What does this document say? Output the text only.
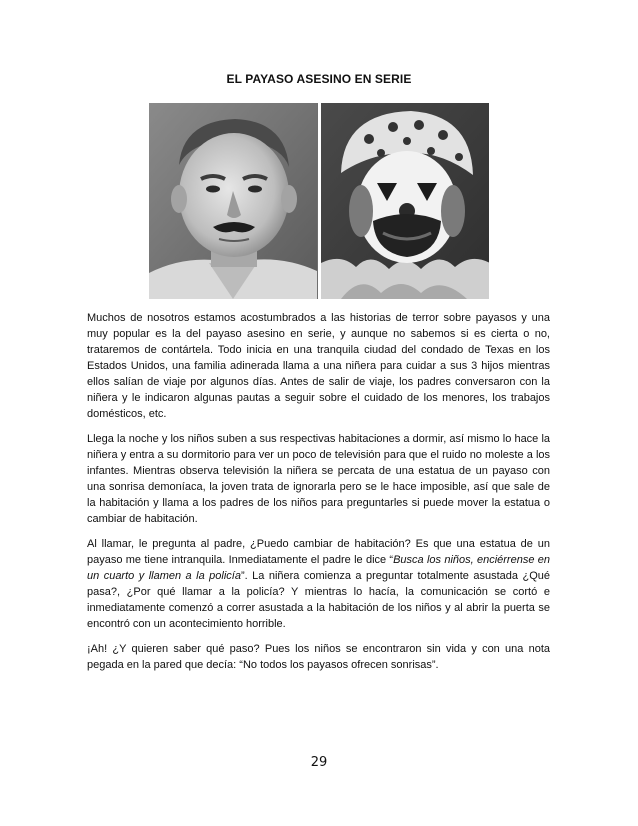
EL PAYASO ASESINO EN SERIE

Muchos de nosotros estamos acostumbrados a las historias de terror sobre payasos y una muy popular es la del payaso asesino en serie, y aunque no sabemos si es cierta o no, trataremos de contártela. Todo inicia en una tranquila ciudad del condado de Texas en los Estados Unidos, una familia adinerada llama a una niñera para cuidar a sus 3 hijos mientras ellos salían de viaje por algunos días. Antes de salir de viaje, los padres conversaron con la niñera y le indicaron algunas pautas a seguir sobre el cuidado de los menores, los trabajos domésticos, etc.

Llega la noche y los niños suben a sus respectivas habitaciones a dormir, así mismo lo hace la niñera y entra a su dormitorio para ver un poco de televisión para que el ruido no moleste a los infantes. Mientras observa televisión la niñera se percata de una estatua de un payaso con una sonrisa demoníaca, la joven trata de ignorarla pero se le hace imposible, así que sale de la habitación y llama a los padres de los niños para preguntarles si puede mover la estatua o cambiar de habitación.

Al llamar, le pregunta al padre, ¿Puedo cambiar de habitación? Es que una estatua de un payaso me tiene intranquila. Inmediatamente el padre le dice “Busca los niños, enciérrense en un cuarto y llamen a la policía”. La niñera comienza a preguntar totalmente asustada ¿Qué pasa?, ¿Por qué llamar a la policía? Y mientras lo hacía, la comunicación se cortó e inmediatamente comenzó a correr asustada a la habitación de los niños y al abrir la puerta se encontró con un acontecimiento horrible.

¡Ah! ¿Y quieren saber qué paso? Pues los niños se encontraron sin vida y con una nota pegada en la pared que decía: “No todos los payasos ofrecen sonrisas”.

29
